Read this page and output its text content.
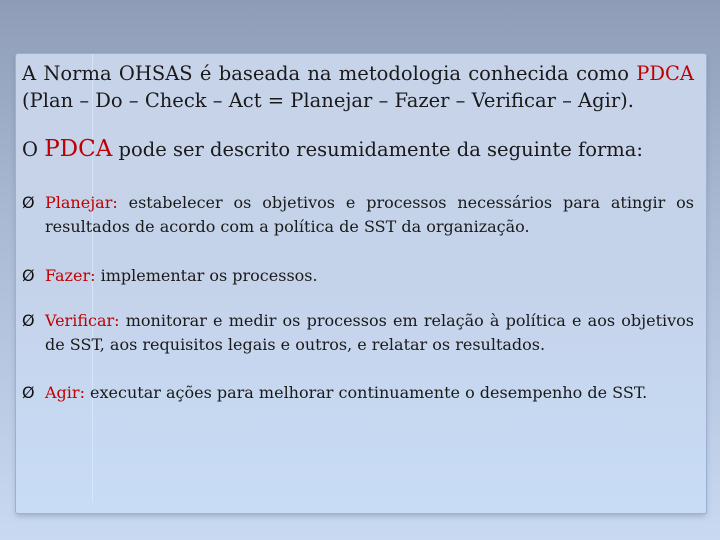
A Norma OHSAS é baseada na metodologia conhecida como PDCA (Plan – Do – Check – Act = Planejar – Fazer – Verificar – Agir).

O PDCA pode ser descrito resumidamente da seguinte forma:

Ø Planejar: estabelecer os objetivos e processos necessários para atingir os resultados de acordo com a política de SST da organização.
Ø Fazer: implementar os processos.
Ø Verificar: monitorar e medir os processos em relação à política e aos objetivos de SST, aos requisitos legais e outros, e relatar os resultados.
Ø Agir: executar ações para melhorar continuamente o desempenho de SST.
